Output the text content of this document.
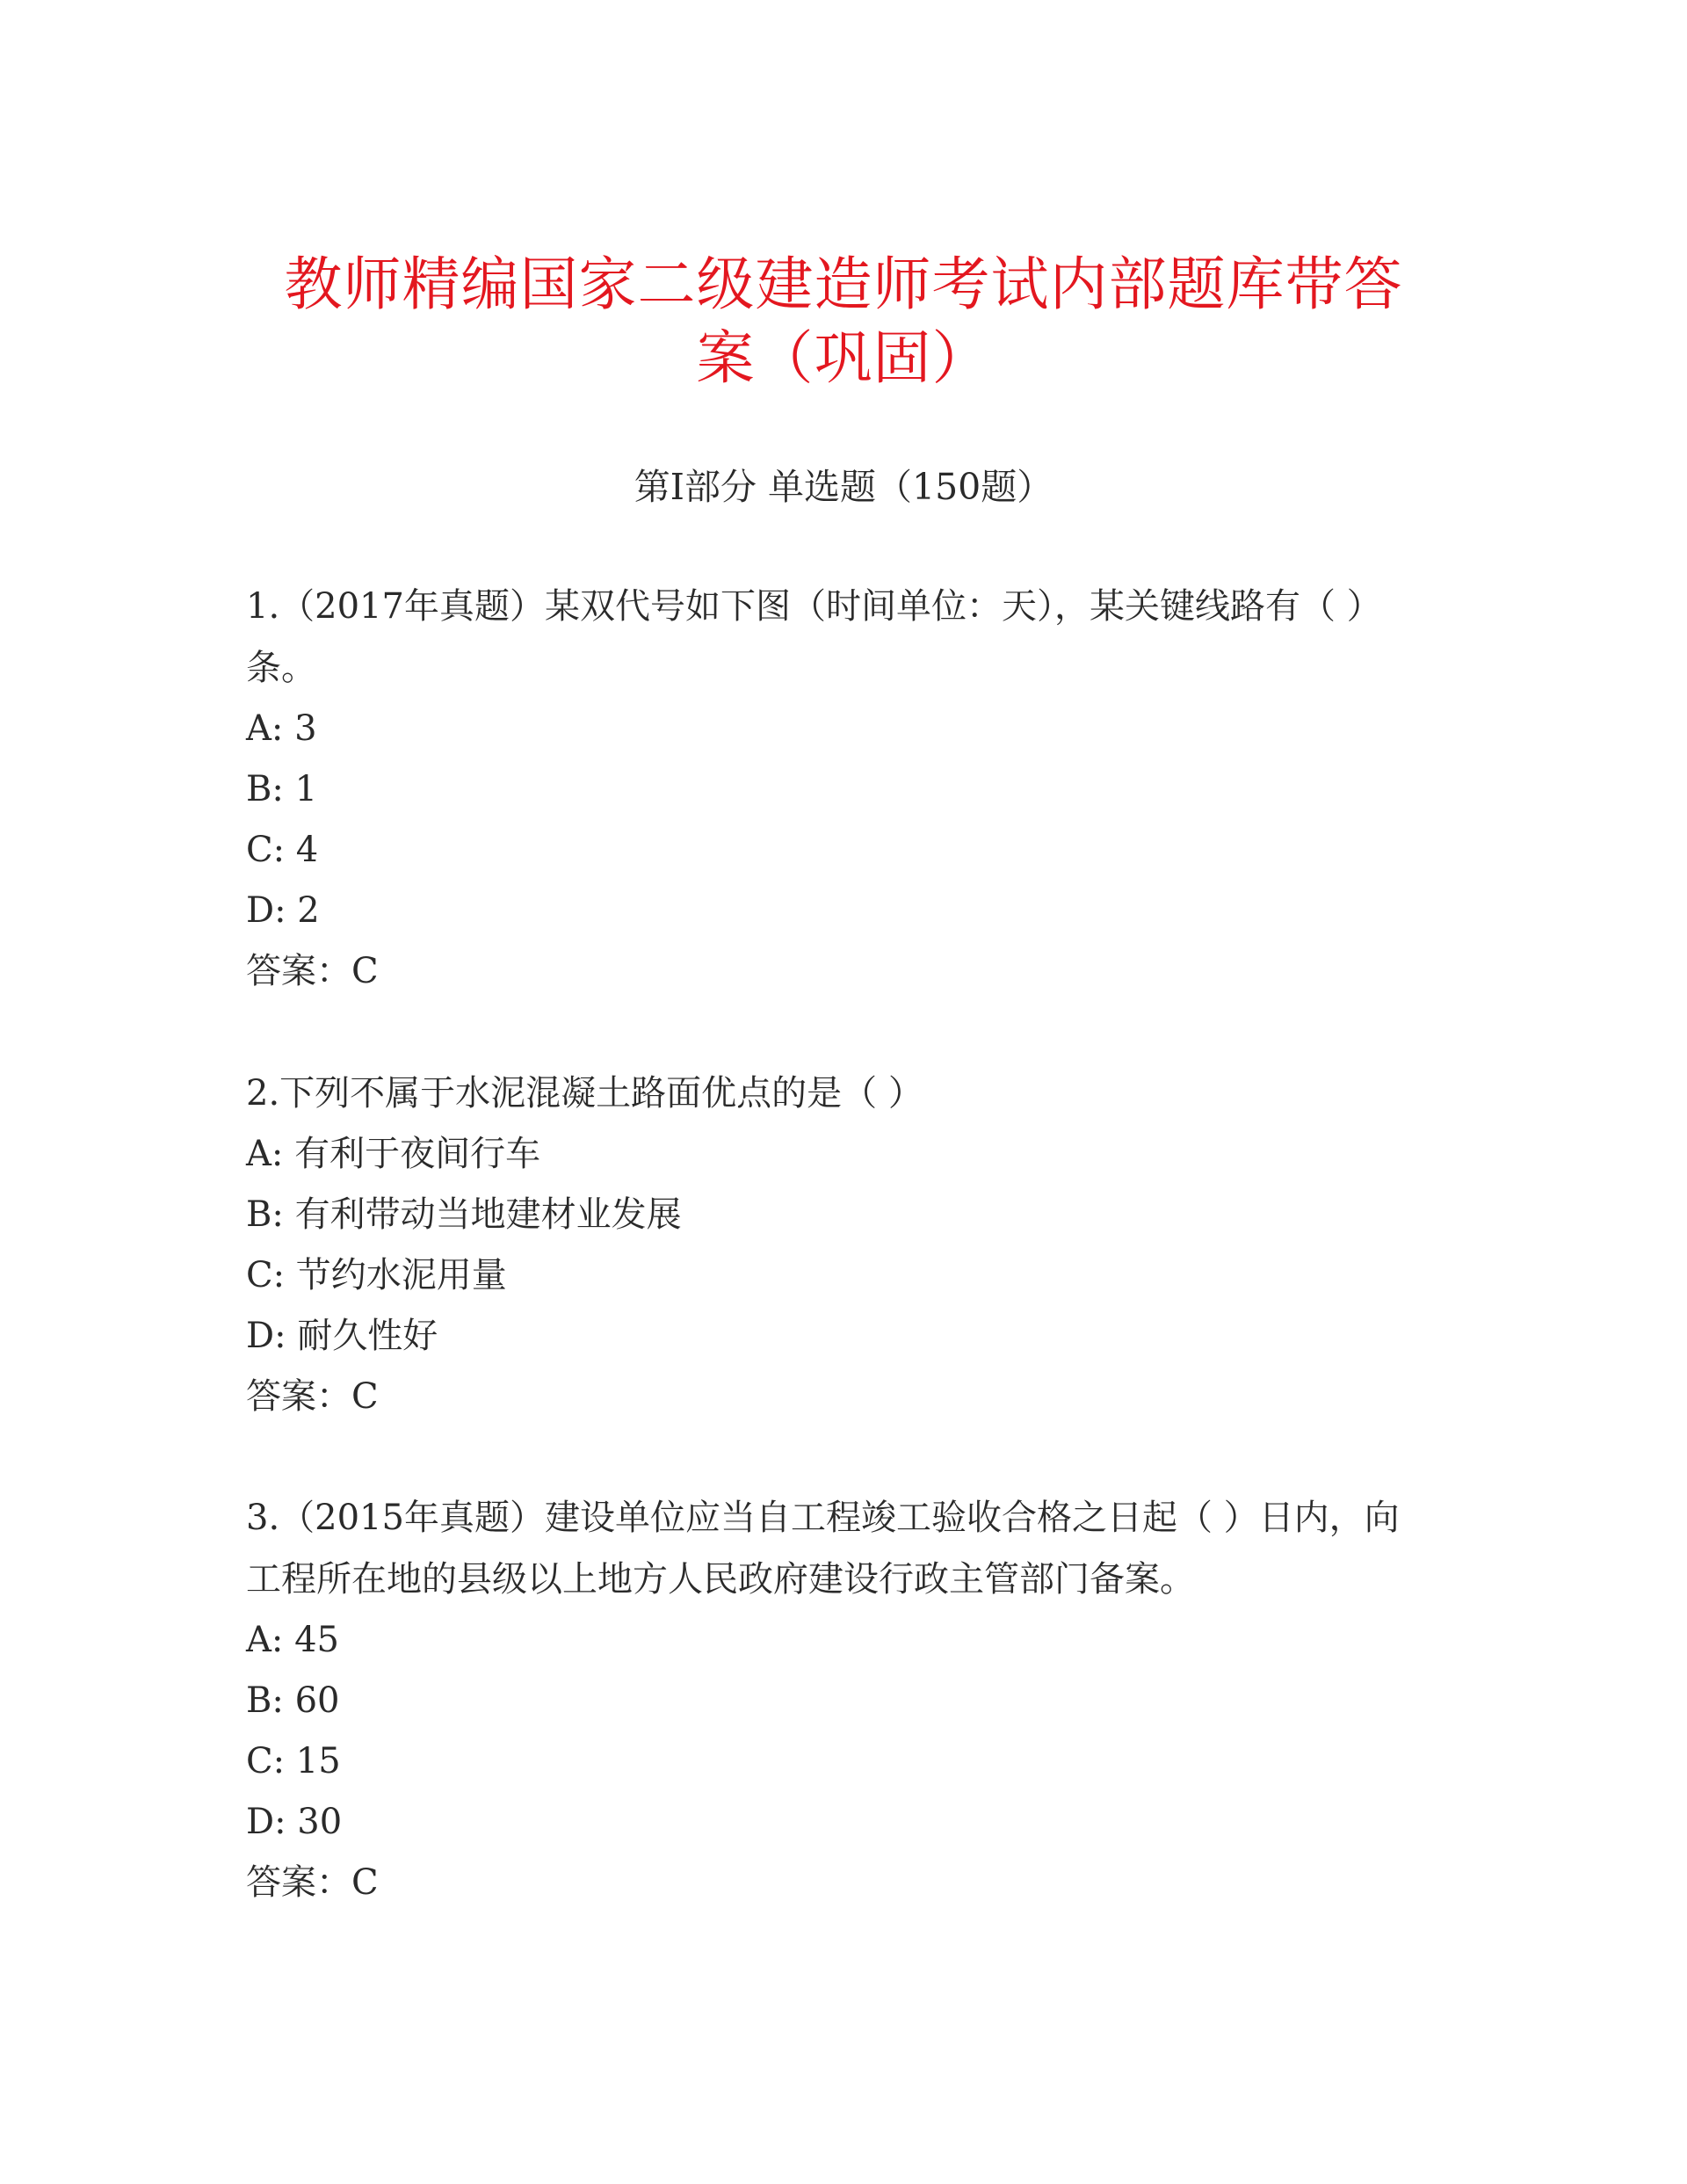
教师精编国家二级建造师考试内部题库带答
案（巩固）
第I部分 单选题（150题）
1.（2017年真题）某双代号如下图（时间单位：天），某关键线路有（ ）条。
A: 3
B: 1
C: 4
D: 2
答案：C
2.下列不属于水泥混凝土路面优点的是（ ）
A: 有利于夜间行车
B: 有利带动当地建材业发展
C: 节约水泥用量
D: 耐久性好
答案：C
3.（2015年真题）建设单位应当自工程竣工验收合格之日起（ ）日内，向工程所在地的县级以上地方人民政府建设行政主管部门备案。
A: 45
B: 60
C: 15
D: 30
答案：C
